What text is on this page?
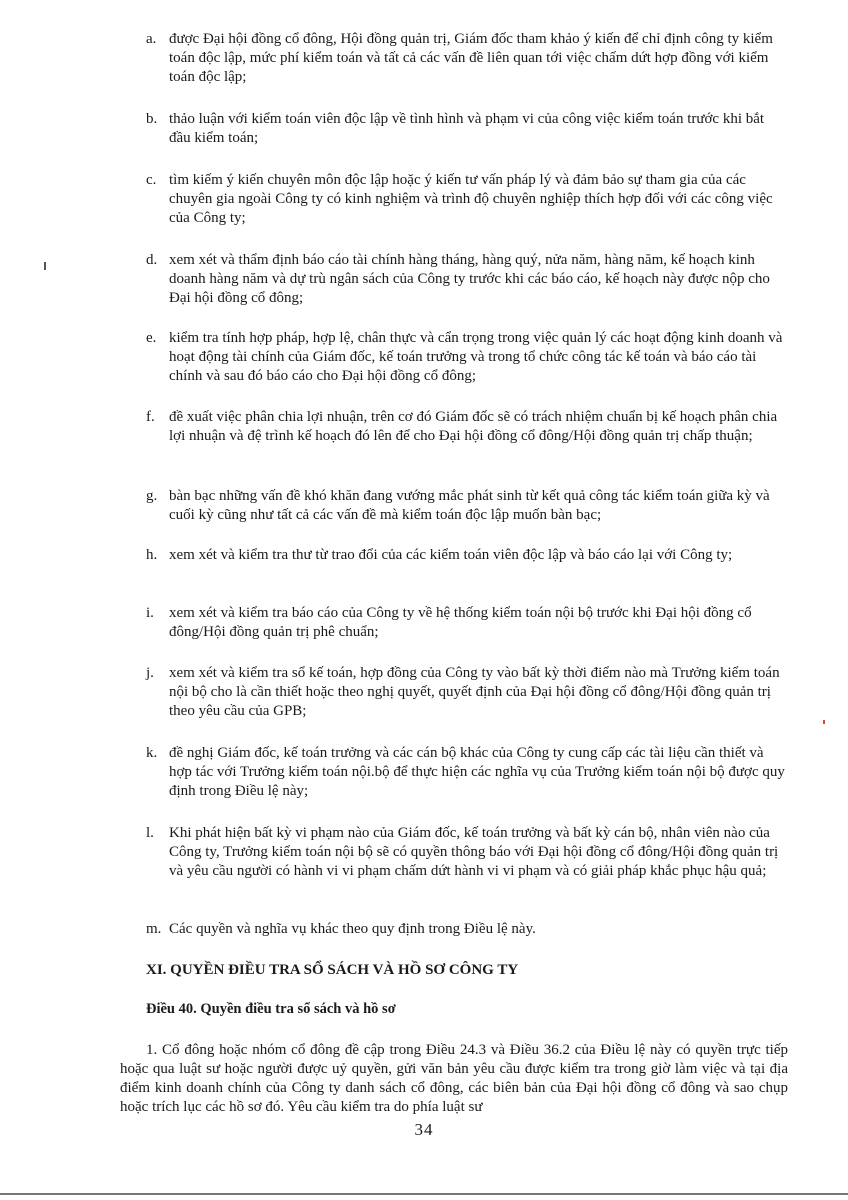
a. được Đại hội đồng cổ đông, Hội đồng quản trị, Giám đốc tham khảo ý kiến để chỉ định công ty kiểm toán độc lập, mức phí kiểm toán và tất cả các vấn đề liên quan tới việc chấm dứt hợp đồng với kiểm toán độc lập;
b. thảo luận với kiểm toán viên độc lập về tình hình và phạm vi của công việc kiểm toán trước khi bắt đầu kiểm toán;
c. tìm kiếm ý kiến chuyên môn độc lập hoặc ý kiến tư vấn pháp lý và đảm bảo sự tham gia của các chuyên gia ngoài Công ty có kinh nghiệm và trình độ chuyên nghiệp thích hợp đối với các công việc của Công ty;
d. xem xét và thẩm định báo cáo tài chính hàng tháng, hàng quý, nửa năm, hàng năm, kế hoạch kinh doanh hàng năm và dự trù ngân sách của Công ty trước khi các báo cáo, kế hoạch này được nộp cho Đại hội đồng cổ đông;
e. kiểm tra tính hợp pháp, hợp lệ, chân thực và cẩn trọng trong việc quản lý các hoạt động kinh doanh và hoạt động tài chính của Giám đốc, kế toán trưởng và trong tổ chức công tác kế toán và báo cáo tài chính và sau đó báo cáo cho Đại hội đồng cổ đông;
f. đề xuất việc phân chia lợi nhuận, trên cơ đó Giám đốc sẽ có trách nhiệm chuẩn bị kế hoạch phân chia lợi nhuận và đệ trình kế hoạch đó lên để cho Đại hội đồng cổ đông/Hội đồng quản trị chấp thuận;
g. bàn bạc những vấn đề khó khăn đang vướng mắc phát sinh từ kết quả công tác kiểm toán giữa kỳ và cuối kỳ cũng như tất cả các vấn đề mà kiểm toán độc lập muốn bàn bạc;
h. xem xét và kiểm tra thư từ trao đổi của các kiểm toán viên độc lập và báo cáo lại với Công ty;
i.	xem xét và kiểm tra báo cáo của Công ty về hệ thống kiểm toán nội bộ trước khi Đại hội đồng cổ đông/Hội đồng quản trị phê chuẩn;
j.	xem xét và kiểm tra sổ kế toán, hợp đồng của Công ty vào bất kỳ thời điểm nào mà Trưởng kiểm toán nội bộ cho là cần thiết hoặc theo nghị quyết, quyết định của Đại hội đồng cổ đông/Hội đồng quản trị theo yêu cầu của GPB;
k. đề nghị Giám đốc, kế toán trưởng và các cán bộ khác của Công ty cung cấp các tài liệu cần thiết và hợp tác với Trưởng kiểm toán nội.bộ để thực hiện các nghĩa vụ của Trưởng kiểm toán nội bộ được quy định trong Điều lệ này;
l.	Khi phát hiện bất kỳ vi phạm nào của Giám đốc, kế toán trưởng và bất kỳ cán bộ, nhân viên nào của Công ty, Trưởng kiểm toán nội bộ sẽ có quyền thông báo với Đại hội đồng cổ đông/Hội đồng quản trị và yêu cầu người có hành vi vi phạm chấm dứt hành vi vi phạm và có giải pháp khắc phục hậu quả;
m. Các quyền và nghĩa vụ khác theo quy định trong Điều lệ này.
XI. QUYỀN ĐIỀU TRA SỔ SÁCH VÀ HỒ SƠ CÔNG TY
Điều 40. Quyền điều tra sổ sách và hồ sơ
1. Cổ đông hoặc nhóm cổ đông đề cập trong Điều 24.3 và Điều 36.2 của Điều lệ này có quyền trực tiếp hoặc qua luật sư hoặc người được uỷ quyền, gửi văn bản yêu cầu được kiểm tra trong giờ làm việc và tại địa điểm kinh doanh chính của Công ty danh sách cổ đông, các biên bản của Đại hội đồng cổ đông và sao chụp hoặc trích lục các hồ sơ đó. Yêu cầu kiểm tra do phía luật sư
34
